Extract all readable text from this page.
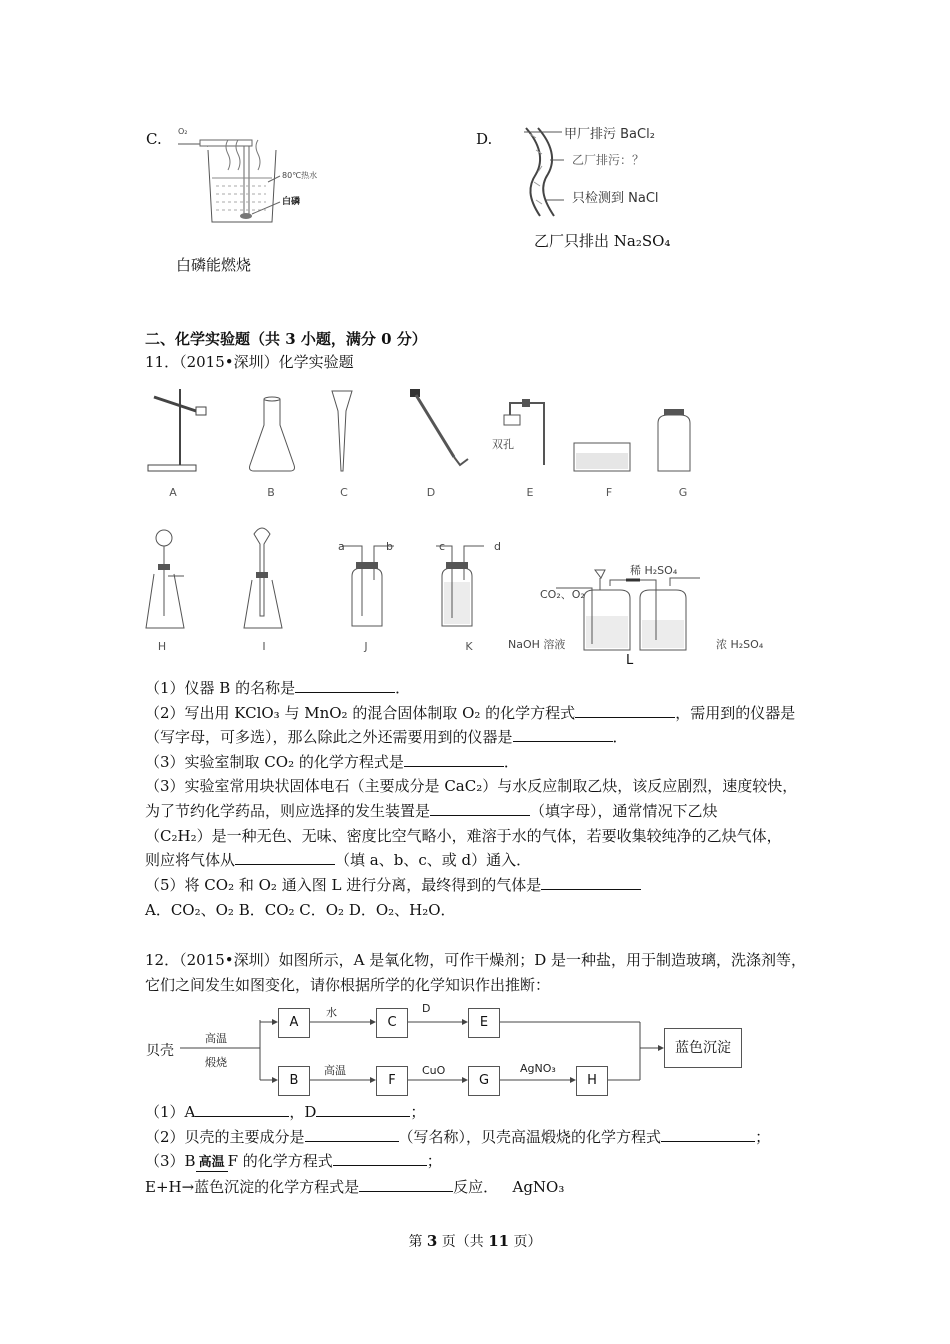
C. O₂
80℃热水
白磷
白磷能燃烧
D.	甲厂排污 BaCl₂
乙厂排污：？
只检测到 NaCl
乙厂只排出 Na₂SO₄
二、化学实验题（共 3 小题，满分 0 分）
11．（2015•深圳）化学实验题
双孔
A	B	C	D	E	F	G
a	b	c	d
稀 H₂SO₄
CO₂、O₂
NaOH 溶液	浓 H₂SO₄
L
H	I	J	K
（1）仪器 B 的名称是	．
（2）写出用 KClO₃ 与 MnO₂ 的混合固体制取 O₂ 的化学方程式	，需用到的仪器是
（写字母，可多选），那么除此之外还需要用到的仪器是	．
（3）实验室制取 CO₂ 的化学方程式是	．
（3）实验室常用块状固体电石（主要成分是 CaC₂）与水反应制取乙炔，该反应剧烈，速度较快，
为了节约化学药品，则应选择的发生装置是	（填字母），通常情况下乙炔
（C₂H₂）是一种无色、无味、密度比空气略小，难溶于水的气体，若要收集较纯净的乙炔气体，
则应将气体从	（填 a、b、c、或 d）通入．
（5）将 CO₂ 和 O₂ 通入图 L 进行分离，最终得到的气体是
A．CO₂、O₂ B．CO₂ C．O₂ D．O₂、H₂O．
12．（2015•深圳）如图所示，A 是氧化物，可作干燥剂；D 是一种盐，用于制造玻璃，洗涤剂等，
它们之间发生如图变化，请你根据所学的化学知识作出推断：
贝壳
高温
煅烧
A
水
C
D
E
B
高温
F
CuO
G
AgNO₃
H
蓝色沉淀
（1）A	，D	；
（2）贝壳的主要成分是	（写名称），贝壳高温煅烧的化学方程式	；
（3）B 高温 F 的化学方程式	；
E+H→蓝色沉淀的化学方程式是	反应． AgNO₃
第 3 页（共 11 页）
